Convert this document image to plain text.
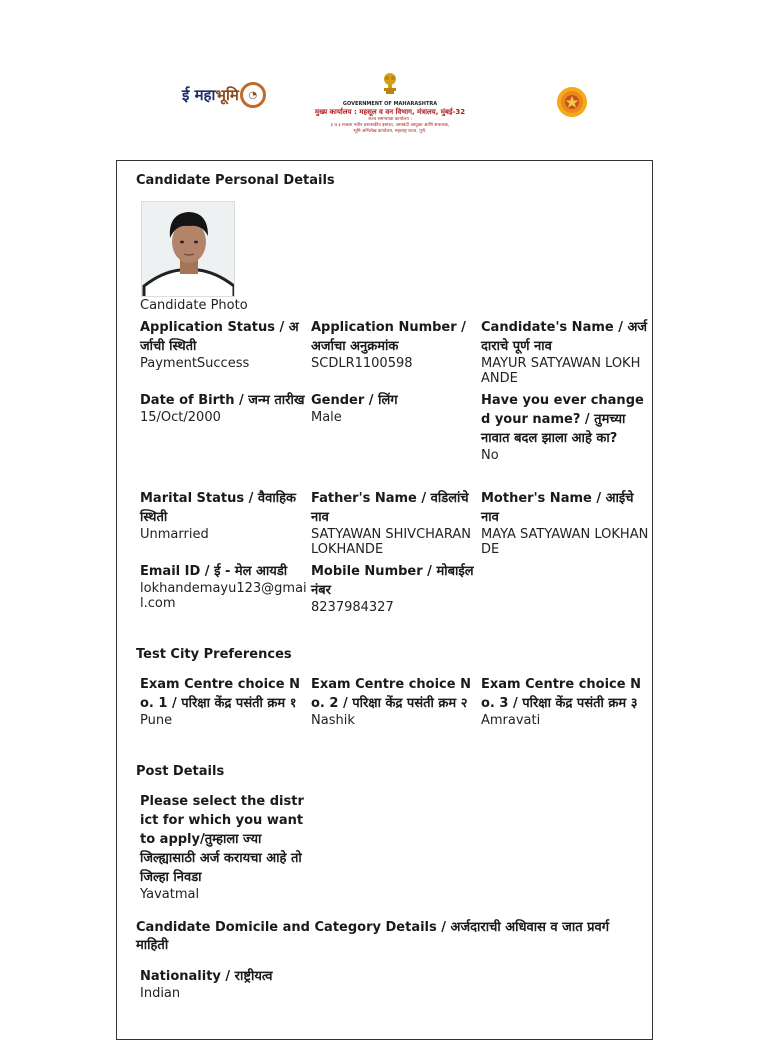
ई महाभूमि ◔
GOVERNMENT OF MAHARASHTRA
मुख्य कार्यालय : महसूल व वन विभाग, मंत्रालय, मुंबई-32
राज्य समन्वयक कार्यालय :
३ व ३ मजला नवीन प्रशासकीय इमारत, जमाबंदी आयुक्त आणि संचालक,
भूमि अभिलेख कार्यालय, महाराष्ट्र राज्य, पुणे.
Candidate Personal Details
Candidate Photo
Application Status / अर्जाची स्थिती
PaymentSuccess
Application Number / अर्जाचा अनुक्रमांक
SCDLR1100598
Candidate's Name / अर्जदाराचे पूर्ण नाव
MAYUR SATYAWAN LOKHANDE
Date of Birth / जन्म तारीख
15/Oct/2000
Gender / लिंग
Male
Have you ever changed your name? / तुमच्या नावात बदल झाला आहे का?
No
Marital Status / वैवाहिक स्थिती
Unmarried
Father's Name / वडिलांचे नाव
SATYAWAN SHIVCHARAN LOKHANDE
Mother's Name / आईचे नाव
MAYA SATYAWAN LOKHANDE
Email ID / ई - मेल आयडी
lokhandemayu123@gmail.com
Mobile Number / मोबाईल नंबर
8237984327
Test City Preferences
Exam Centre choice No. 1 / परिक्षा केंद्र पसंती क्रम १
Pune
Exam Centre choice No. 2 / परिक्षा केंद्र पसंती क्रम २
Nashik
Exam Centre choice No. 3 / परिक्षा केंद्र पसंती क्रम ३
Amravati
Post Details
Please select the district for which you want to apply/तुम्हाला ज्या जिल्ह्यासाठी अर्ज करायचा आहे तो जिल्हा निवडा
Yavatmal
Candidate Domicile and Category Details / अर्जदाराची अधिवास व जात प्रवर्ग माहिती
Nationality / राष्ट्रीयत्व
Indian
